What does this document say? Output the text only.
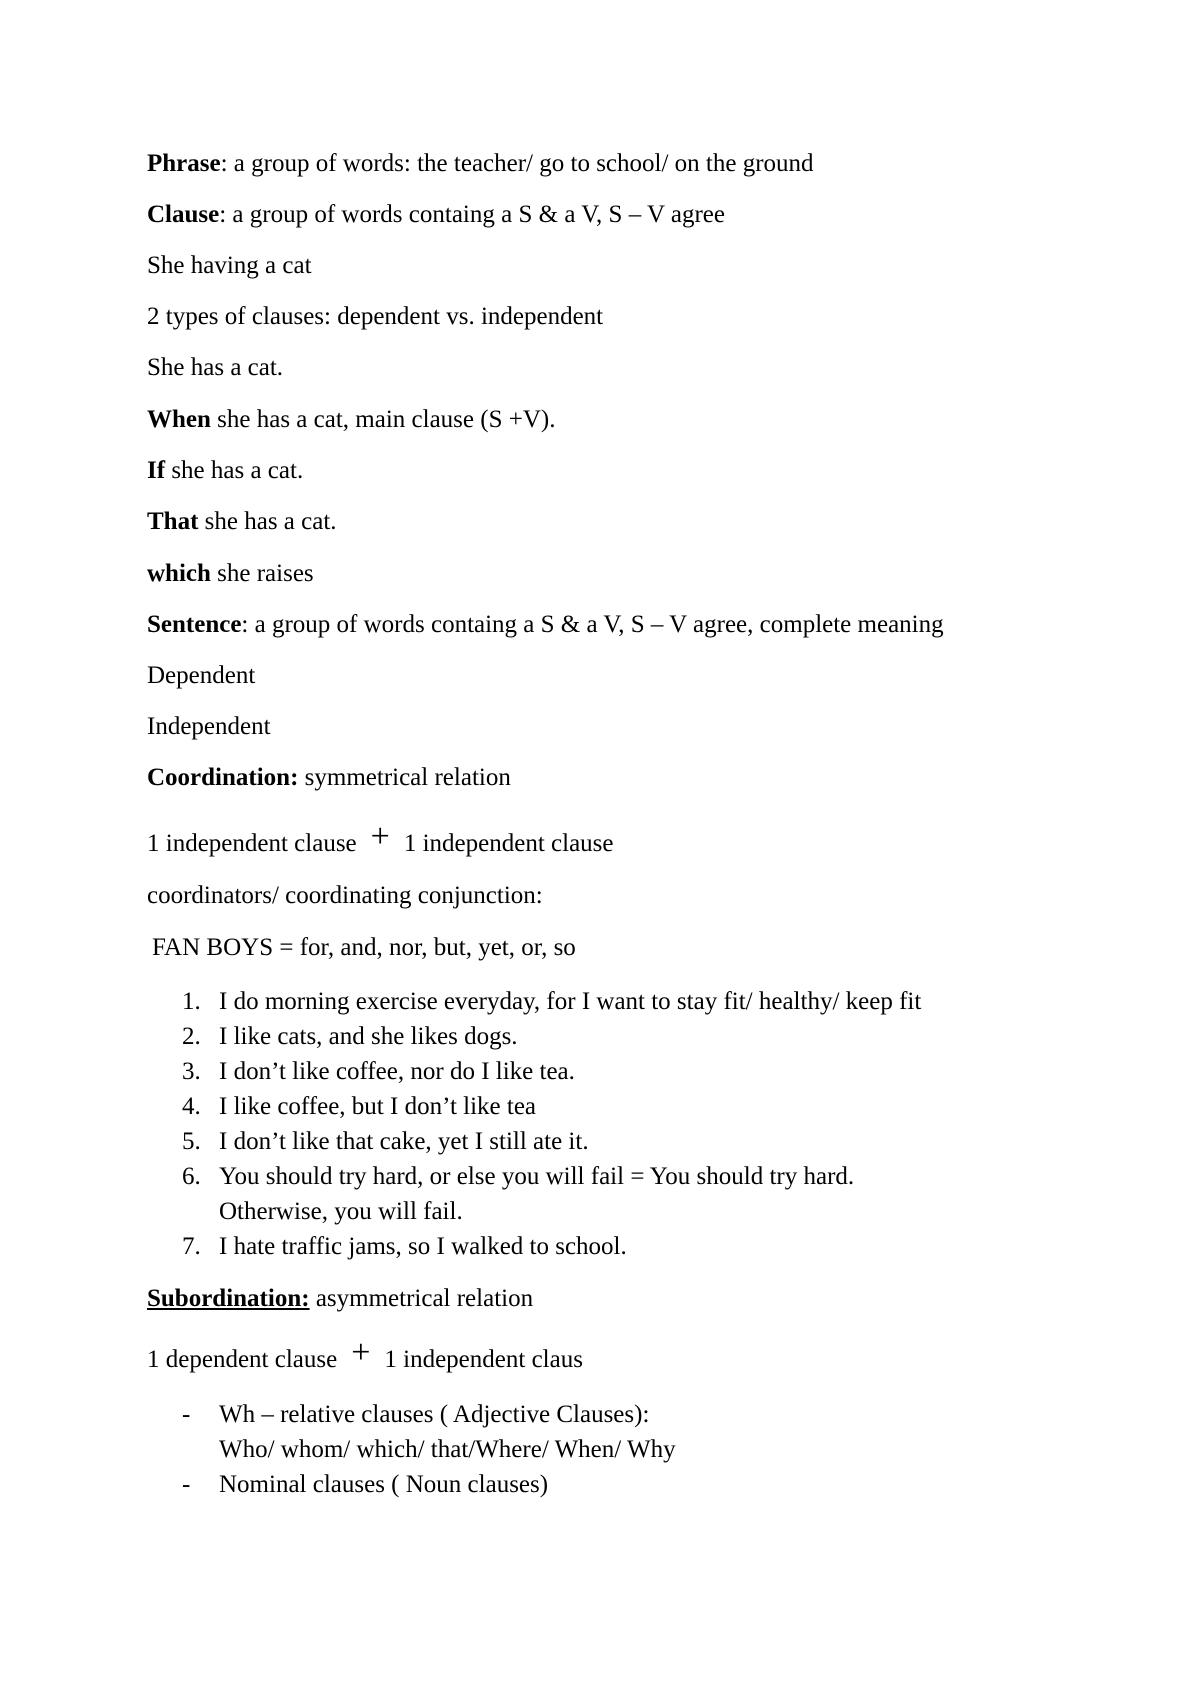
Phrase: a group of words: the teacher/ go to school/ on the ground
Clause: a group of words containg a S & a V, S – V agree
She having a cat
2 types of clauses: dependent vs. independent
She has a cat.
When she has a cat, main clause (S +V).
If she has a cat.
That she has a cat.
which she raises
Sentence: a group of words containg a S & a V, S – V agree, complete meaning
Dependent
Independent
Coordination: symmetrical relation
1 independent clause + 1 independent clause
coordinators/ coordinating conjunction:
FAN BOYS = for, and, nor, but, yet, or, so
1. I do morning exercise everyday, for I want to stay fit/ healthy/ keep fit
2. I like cats, and she likes dogs.
3. I don’t like coffee, nor do I like tea.
4. I like coffee, but I don’t like tea
5. I don’t like that cake, yet I still ate it.
6. You should try hard, or else you will fail = You should try hard.
Otherwise, you will fail.
7. I hate traffic jams, so I walked to school.
Subordination: asymmetrical relation
1 dependent clause + 1 independent claus
-	Wh – relative clauses ( Adjective Clauses):
Who/ whom/ which/ that/Where/ When/ Why
-	Nominal clauses ( Noun clauses)
